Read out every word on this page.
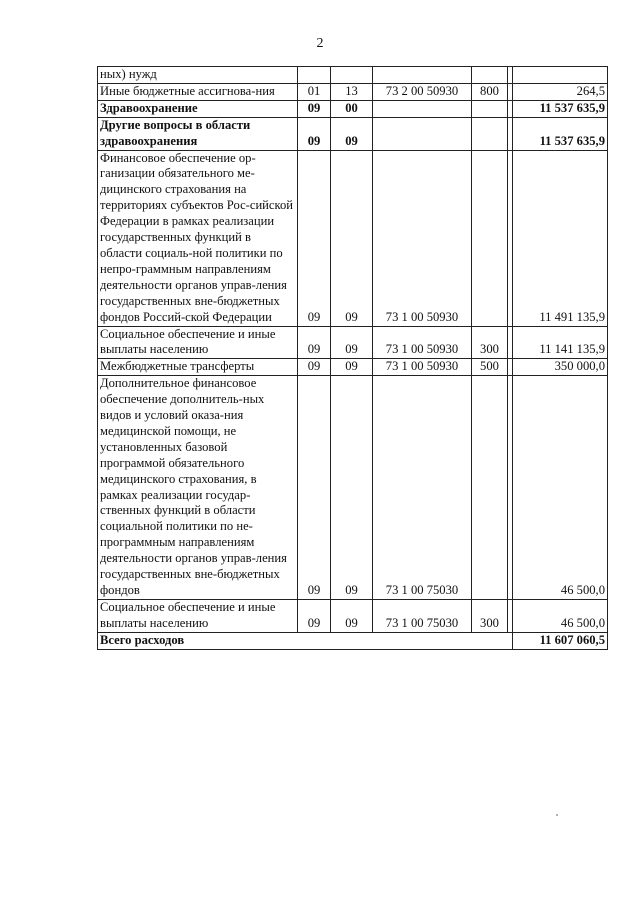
2
ных) нужд						
Иные бюджетные ассигнова-ния	01	13	73 2 00 50930	800		264,5
Здравоохранение	09	00				11 537 635,9
Другие вопросы в области здравоохранения	09	09				11 537 635,9
Финансовое обеспечение ор-ганизации обязательного ме-дицинского страхования на территориях субъектов Рос-сийской Федерации в рамках реализации государственных функций в области социаль-ной политики по непро-граммным направлениям деятельности органов управ-ления государственных вне-бюджетных фондов Россий-ской Федерации	09	09	73 1 00 50930			11 491 135,9
Социальное обеспечение и иные выплаты населению	09	09	73 1 00 50930	300		11 141 135,9
Межбюджетные трансферты	09	09	73 1 00 50930	500		350 000,0
Дополнительное финансовое обеспечение дополнитель-ных видов и условий оказа-ния медицинской помощи, не установленных базовой программой обязательного медицинского страхования, в рамках реализации государ-ственных функций в области социальной политики по не-программным направлениям деятельности органов управ-ления государственных вне-бюджетных фондов	09	09	73 1 00 75030			46 500,0
Социальное обеспечение и иные выплаты населению	09	09	73 1 00 75030	300		46 500,0
Всего расходов						11 607 060,5
